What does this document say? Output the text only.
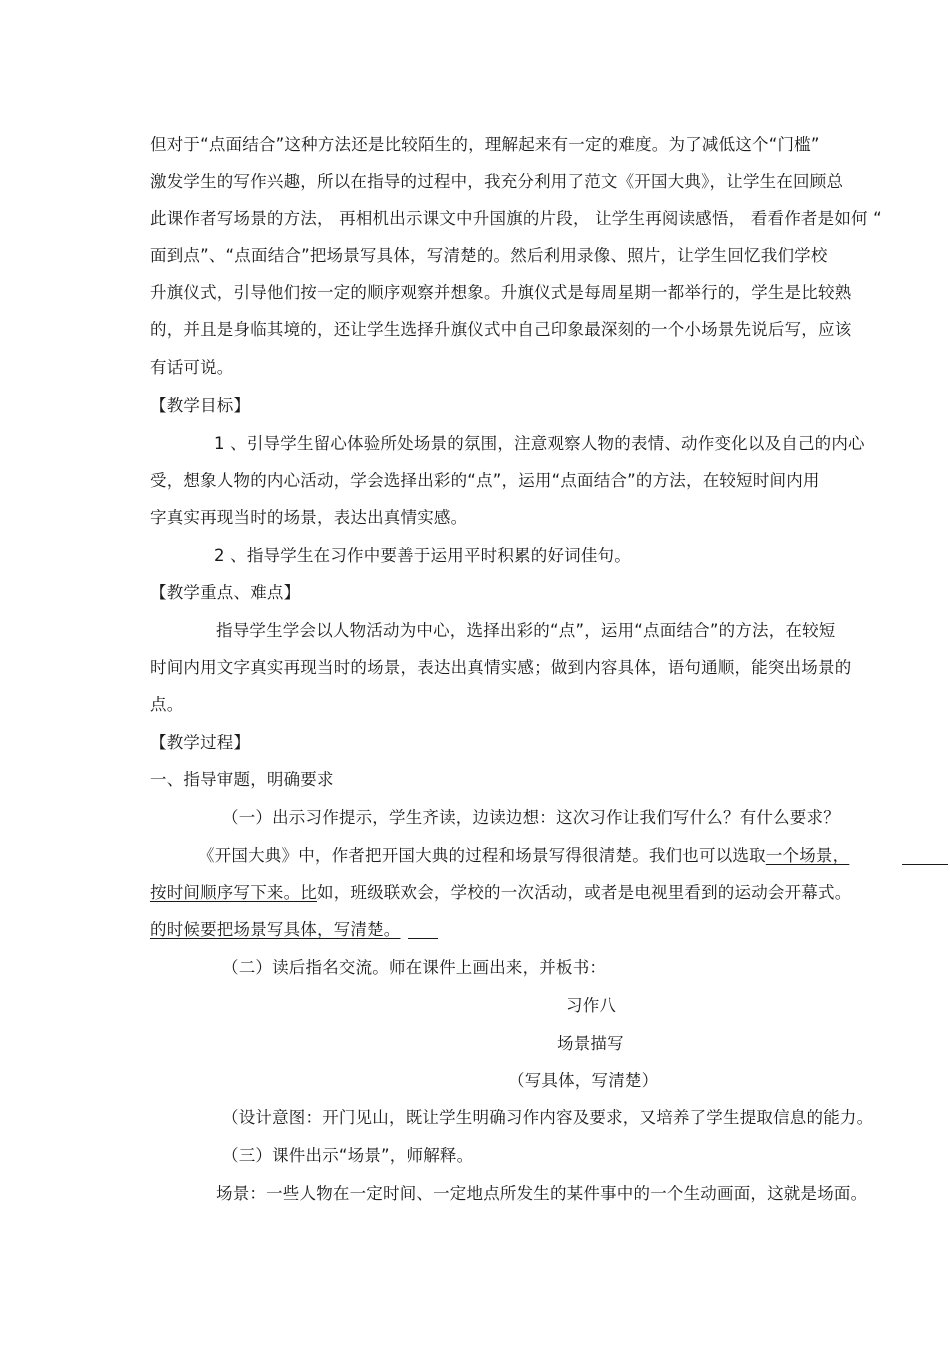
但对于“点面结合”这种方法还是比较陌生的，理解起来有一定的难度。为了减低这个“门槛”
激发学生的写作兴趣，所以在指导的过程中，我充分利用了范文《开国大典》，让学生在回顾总
此课作者写场景的方法， 再相机出示课文中升国旗的片段， 让学生再阅读感悟， 看看作者是如何 “
面到点”、“点面结合”把场景写具体，写清楚的。然后利用录像、照片，让学生回忆我们学校
升旗仪式，引导他们按一定的顺序观察并想象。升旗仪式是每周星期一都举行的，学生是比较熟
的，并且是身临其境的，还让学生选择升旗仪式中自己印象最深刻的一个小场景先说后写，应该
有话可说。
【教学目标】
1 、引导学生留心体验所处场景的氛围，注意观察人物的表情、动作变化以及自己的内心
受，想象人物的内心活动，学会选择出彩的“点”，运用“点面结合”的方法，在较短时间内用
字真实再现当时的场景，表达出真情实感。
2 、指导学生在习作中要善于运用平时积累的好词佳句。
【教学重点、难点】
指导学生学会以人物活动为中心，选择出彩的“点”，运用“点面结合”的方法，在较短
时间内用文字真实再现当时的场景，表达出真情实感；做到内容具体，语句通顺，能突出场景的
点。
【教学过程】
一、指导审题，明确要求
（一）出示习作提示，学生齐读，边读边想：这次习作让我们写什么？有什么要求？
《开国大典》中，作者把开国大典的过程和场景写得很清楚。我们也可以选取一个场景，
按时间顺序写下来。比如，班级联欢会，学校的一次活动，或者是电视里看到的运动会开幕式。
的时候要把场景写具体，写清楚。
（二）读后指名交流。师在课件上画出来，并板书：
习作八
场景描写
（写具体，写清楚）
（设计意图：开门见山，既让学生明确习作内容及要求，又培养了学生提取信息的能力。
（三）课件出示“场景”，师解释。
场景：一些人物在一定时间、一定地点所发生的某件事中的一个生动画面，这就是场面。
